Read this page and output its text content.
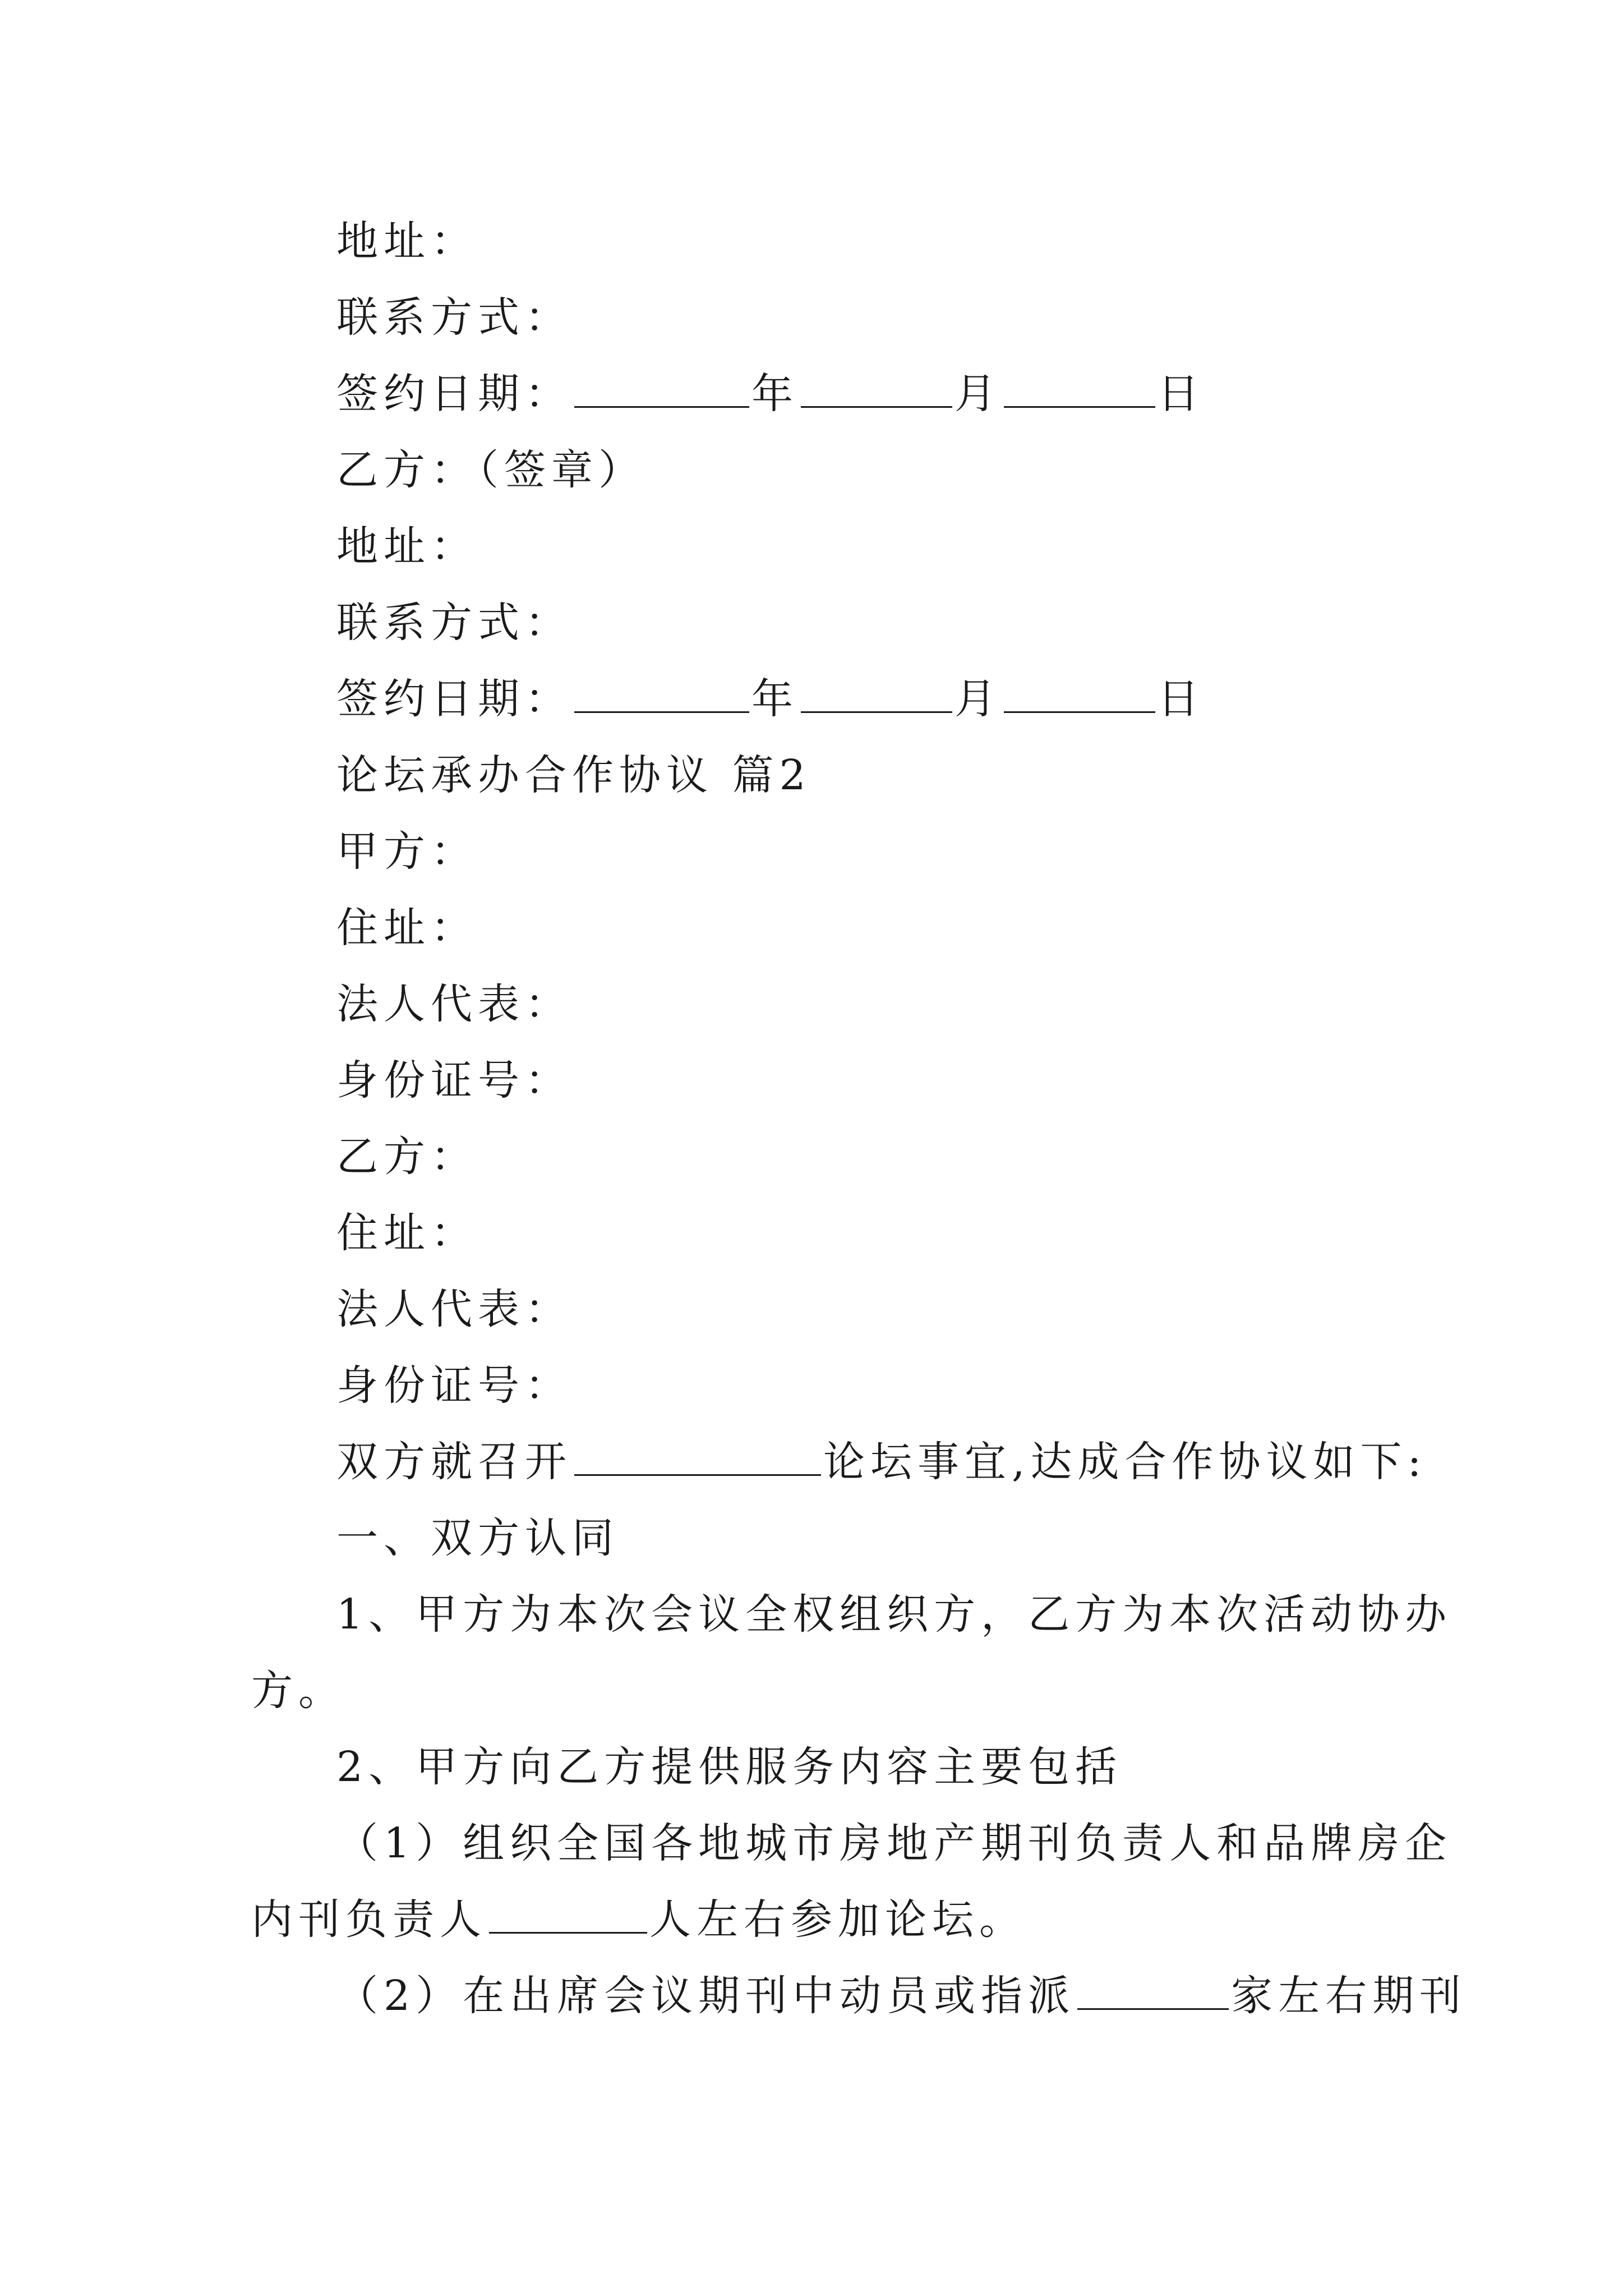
地址：
联系方式：
签约日期：	年	月	日
乙方：（签章）
地址：
联系方式：
签约日期：	年	月	日
论坛承办合作协议 篇2
甲方：
住址：
法人代表：
身份证号：
乙方：
住址：
法人代表：
身份证号：
双方就召开	论坛事宜,达成合作协议如下:
一、双方认同
1、甲方为本次会议全权组织方，乙方为本次活动协办
方。
2、甲方向乙方提供服务内容主要包括
（1）组织全国各地城市房地产期刊负责人和品牌房企
内刊负责人	人左右参加论坛。
（2）在出席会议期刊中动员或指派	家左右期刊
